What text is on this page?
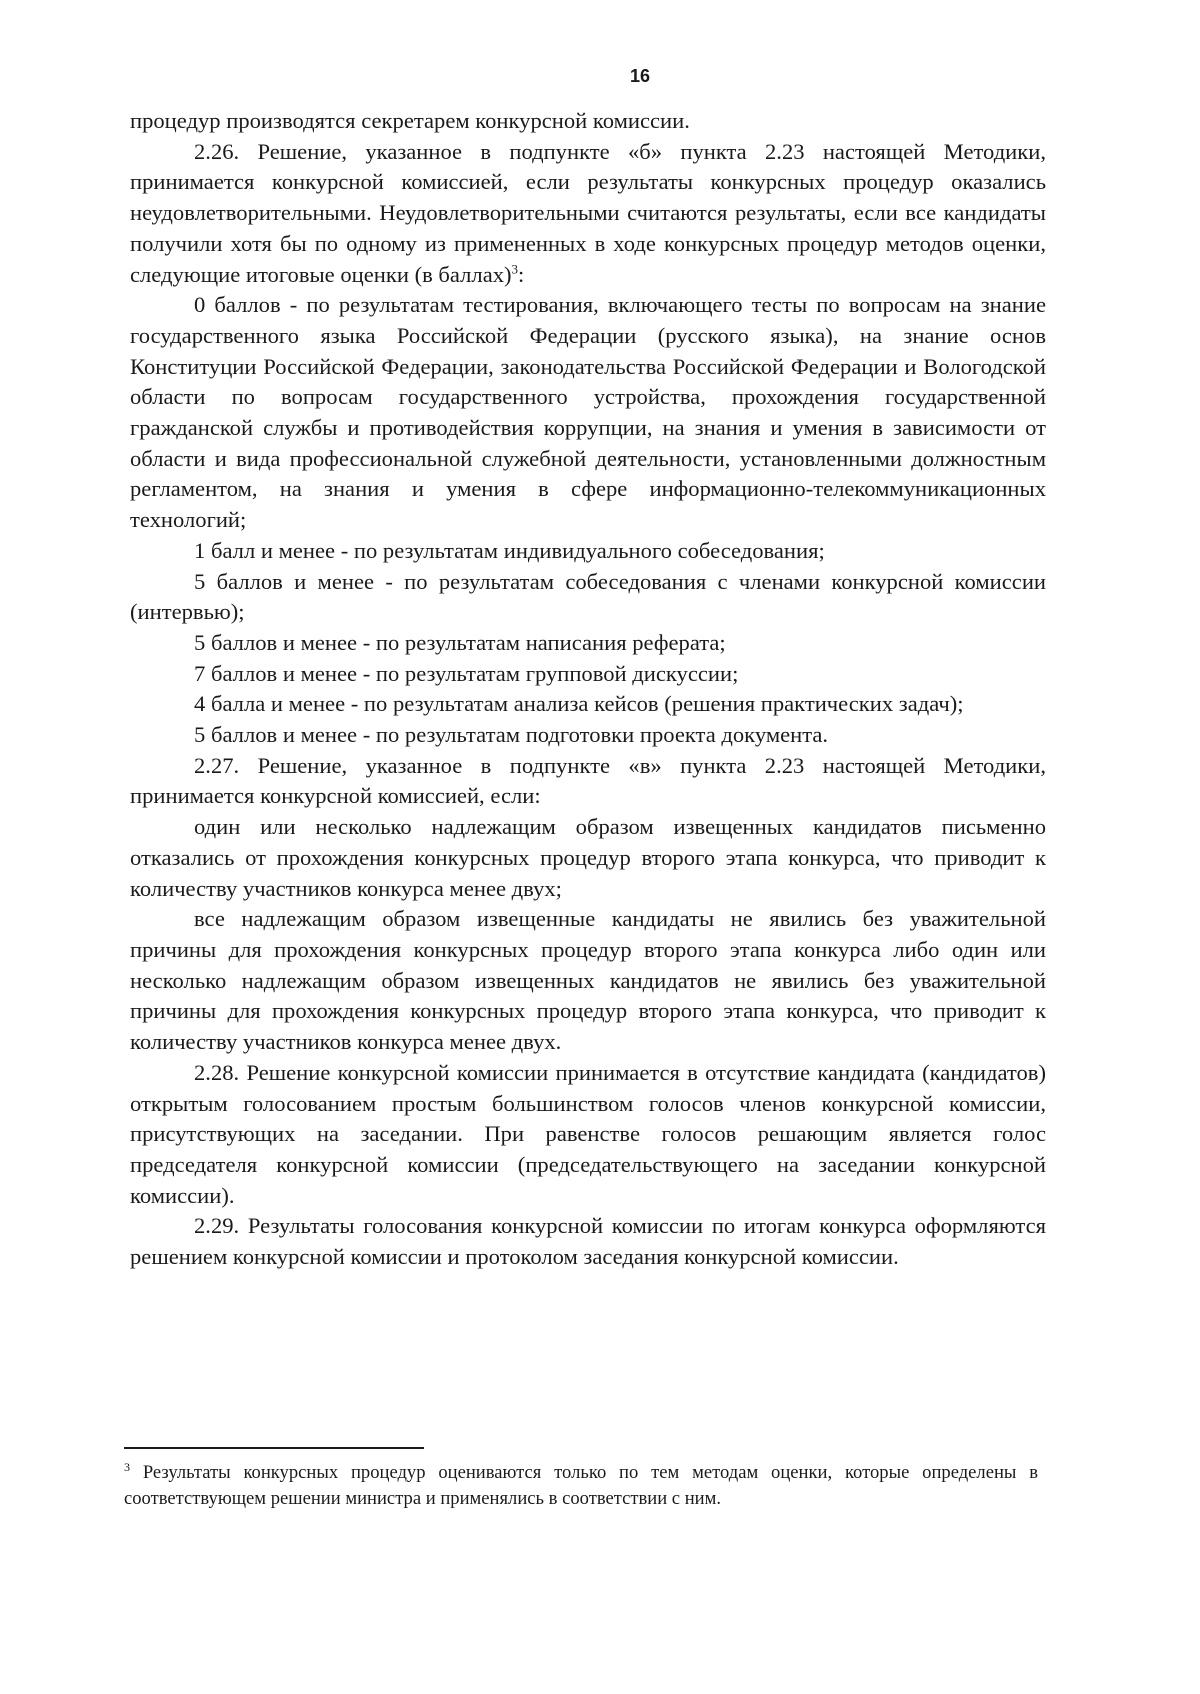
16

процедур производятся секретарем конкурсной комиссии.

2.26. Решение, указанное в подпункте «б» пункта 2.23 настоящей Методики, принимается конкурсной комиссией, если результаты конкурсных процедур оказались неудовлетворительными. Неудовлетворительными считаются результаты, если все кандидаты получили хотя бы по одному из примененных в ходе конкурсных процедур методов оценки, следующие итоговые оценки (в баллах)$^3$:

0 баллов - по результатам тестирования, включающего тесты по вопросам на знание государственного языка Российской Федерации (русского языка), на знание основ Конституции Российской Федерации, законодательства Российской Федерации и Вологодской области по вопросам государственного устройства, прохождения государственной гражданской службы и противодействия коррупции, на знания и умения в зависимости от области и вида профессиональной служебной деятельности, установленными должностным регламентом, на знания и умения в сфере информационно-телекоммуникационных технологий;

1 балл и менее - по результатам индивидуального собеседования;

5 баллов и менее - по результатам собеседования с членами конкурсной комиссии (интервью);

5 баллов и менее - по результатам написания реферата;

7 баллов и менее - по результатам групповой дискуссии;

4 балла и менее - по результатам анализа кейсов (решения практических задач);

5 баллов и менее - по результатам подготовки проекта документа.

2.27. Решение, указанное в подпункте «в» пункта 2.23 настоящей Методики, принимается конкурсной комиссией, если:

один или несколько надлежащим образом извещенных кандидатов письменно отказались от прохождения конкурсных процедур второго этапа конкурса, что приводит к количеству участников конкурса менее двух;

все надлежащим образом извещенные кандидаты не явились без уважительной причины для прохождения конкурсных процедур второго этапа конкурса либо один или несколько надлежащим образом извещенных кандидатов не явились без уважительной причины для прохождения конкурсных процедур второго этапа конкурса, что приводит к количеству участников конкурса менее двух.

2.28. Решение конкурсной комиссии принимается в отсутствие кандидата (кандидатов) открытым голосованием простым большинством голосов членов конкурсной комиссии, присутствующих на заседании. При равенстве голосов решающим является голос председателя конкурсной комиссии (председательствующего на заседании конкурсной комиссии).

2.29. Результаты голосования конкурсной комиссии по итогам конкурса оформляются решением конкурсной комиссии и протоколом заседания конкурсной комиссии.

$^3$ Результаты конкурсных процедур оцениваются только по тем методам оценки, которые определены в соответствующем решении министра и применялись в соответствии с ним.
